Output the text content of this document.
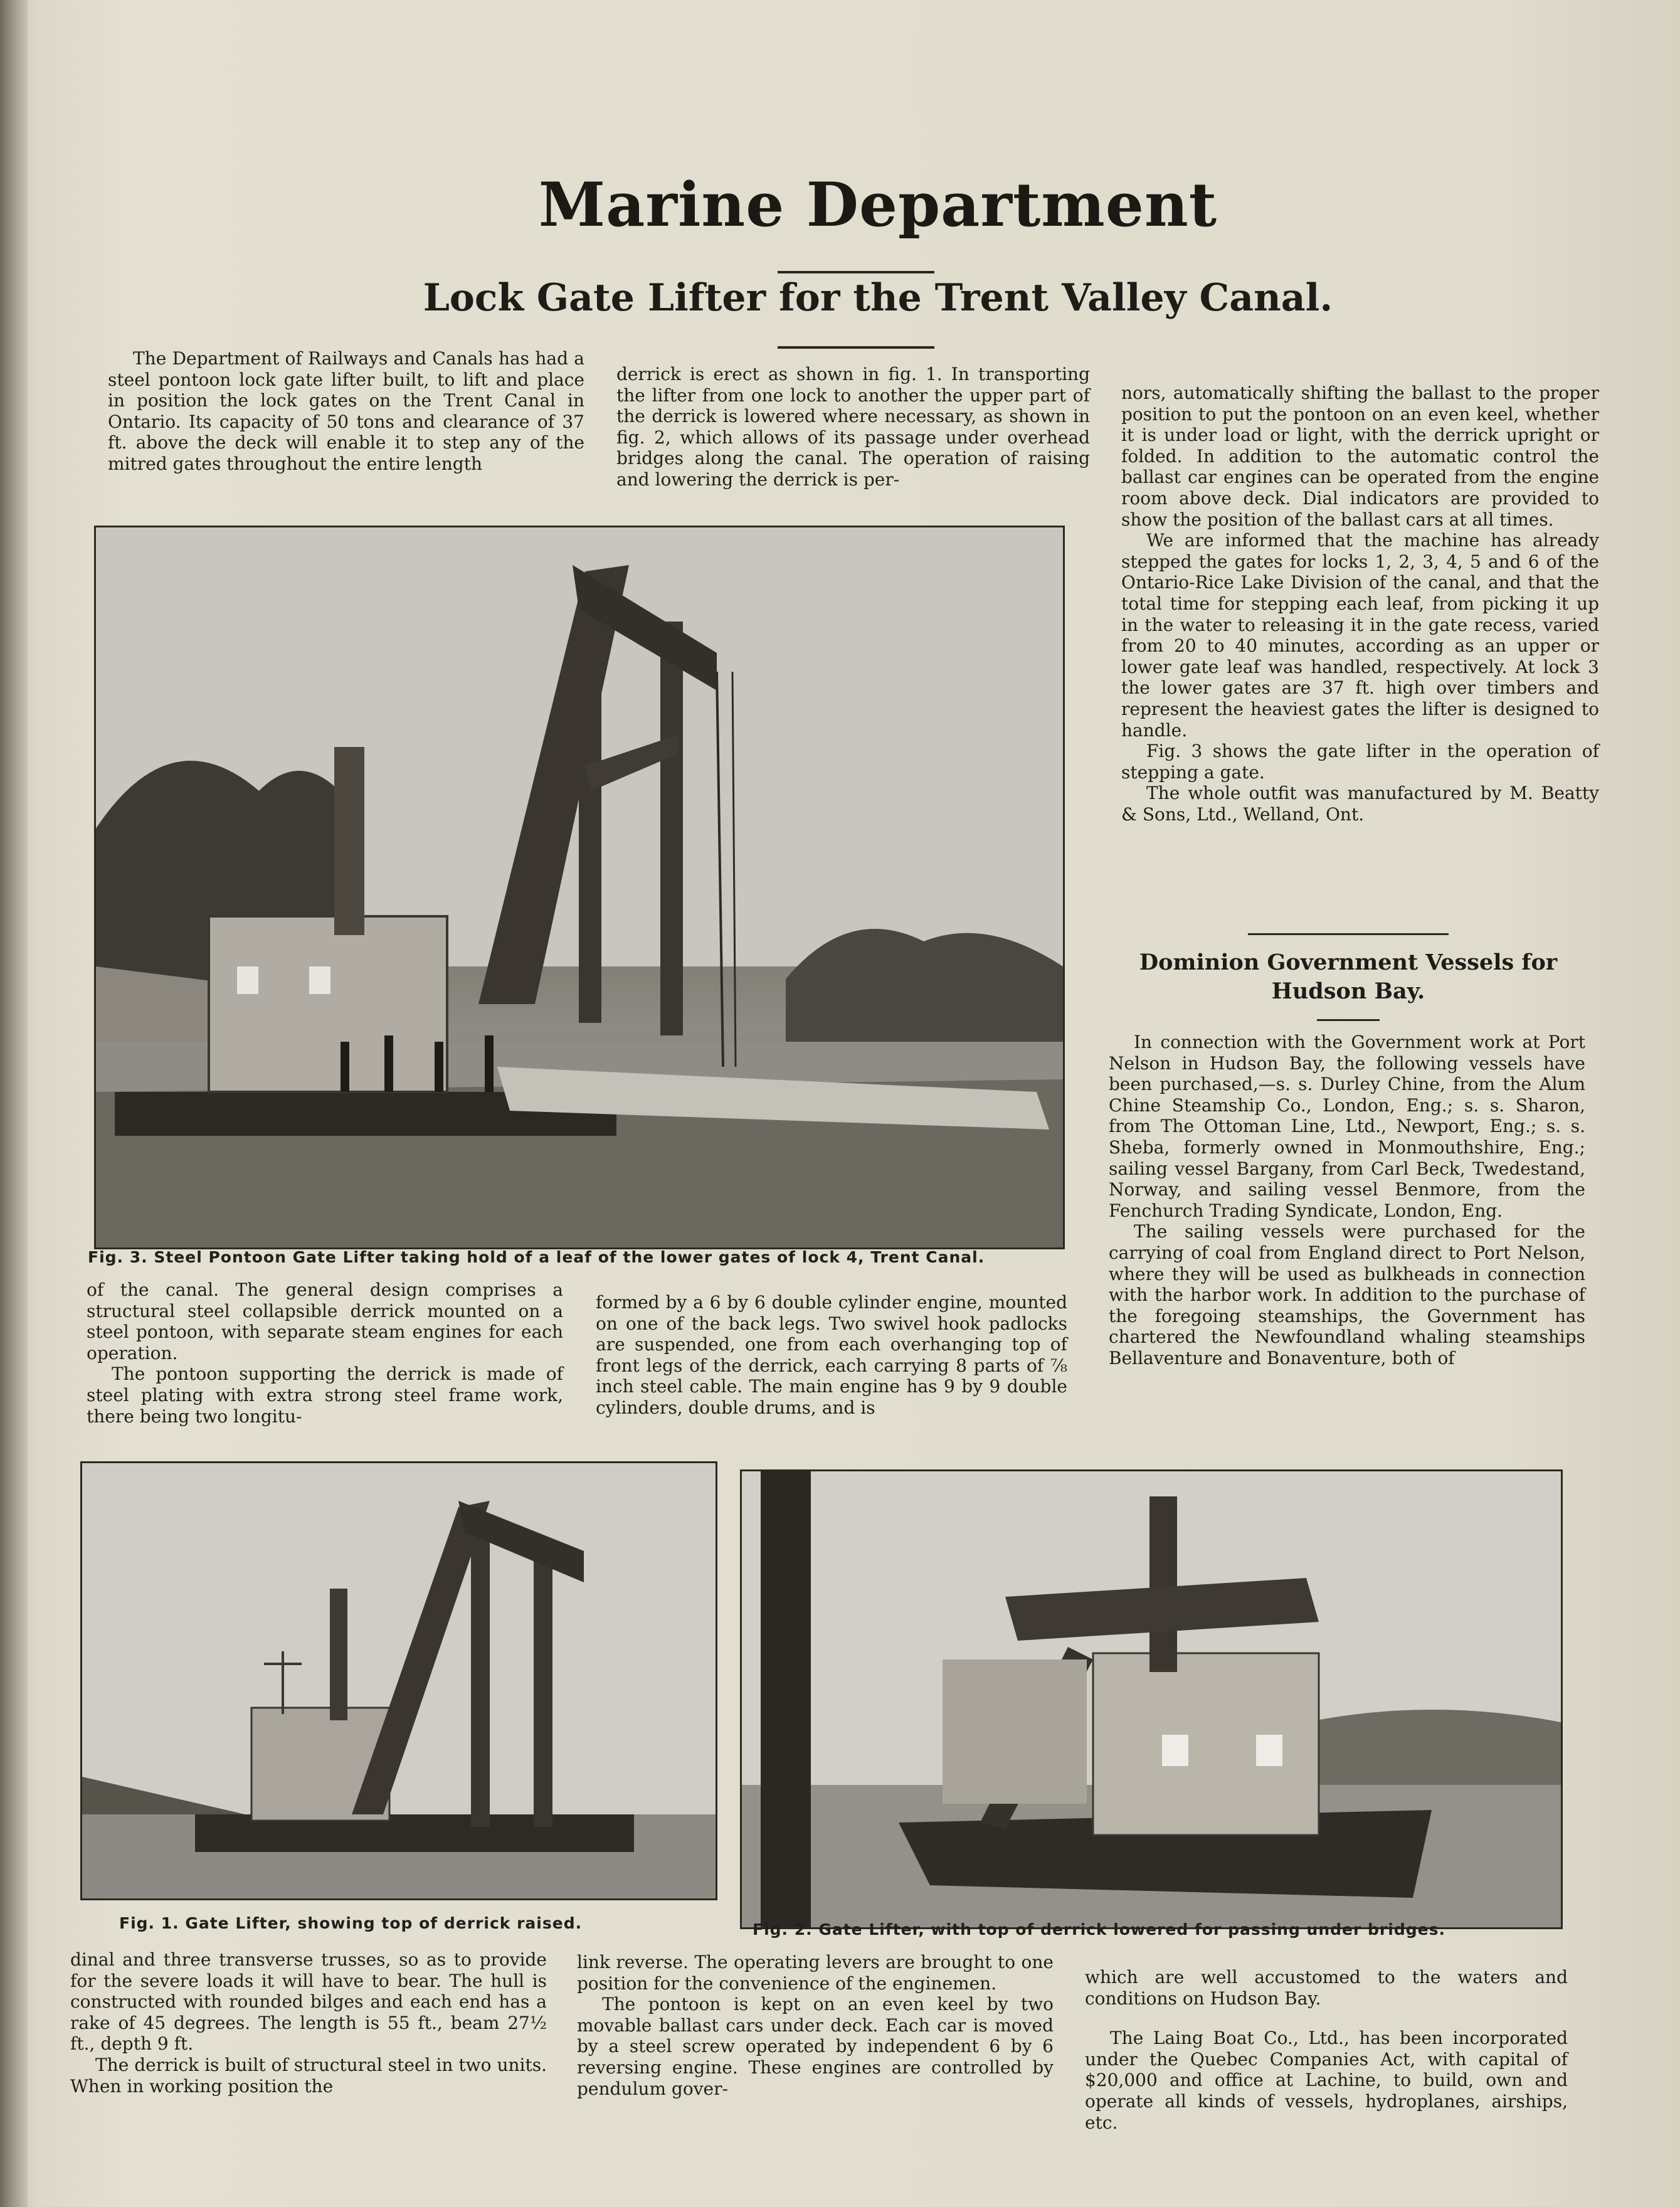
Marine Department
Lock Gate Lifter for the Trent Valley Canal.

The Department of Railways and Canals has had a steel pontoon lock gate lifter built, to lift and place in position the lock gates on the Trent Canal in Ontario. Its capacity of 50 tons and clearance of 37 ft. above the deck will enable it to step any of the mitred gates throughout the entire length

derrick is erect as shown in fig. 1. In transporting the lifter from one lock to another the upper part of the derrick is lowered where necessary, as shown in fig. 2, which allows of its passage under overhead bridges along the canal. The operation of raising and lowering the derrick is per-

nors, automatically shifting the ballast to the proper position to put the pontoon on an even keel, whether it is under load or light, with the derrick upright or folded. In addition to the automatic control the ballast car engines can be operated from the engine room above deck. Dial indicators are provided to show the position of the ballast cars at all times.

We are informed that the machine has already stepped the gates for locks 1, 2, 3, 4, 5 and 6 of the Ontario-Rice Lake Division of the canal, and that the total time for stepping each leaf, from picking it up in the water to releasing it in the gate recess, varied from 20 to 40 minutes, according as an upper or lower gate leaf was handled, respectively. At lock 3 the lower gates are 37 ft. high over timbers and represent the heaviest gates the lifter is designed to handle.

Fig. 3 shows the gate lifter in the operation of stepping a gate.

The whole outfit was manufactured by M. Beatty & Sons, Ltd., Welland, Ont.

Dominion Government Vessels for Hudson Bay.

In connection with the Government work at Port Nelson in Hudson Bay, the following vessels have been purchased,—s. s. Durley Chine, from the Alum Chine Steamship Co., London, Eng.; s. s. Sharon, from The Ottoman Line, Ltd., Newport, Eng.; s. s. Sheba, formerly owned in Monmouthshire, Eng.; sailing vessel Bargany, from Carl Beck, Twedestand, Norway, and sailing vessel Benmore, from the Fenchurch Trading Syndicate, London, Eng.

The sailing vessels were purchased for the carrying of coal from England direct to Port Nelson, where they will be used as bulkheads in connection with the harbor work. In addition to the purchase of the foregoing steamships, the Government has chartered the Newfoundland whaling steamships Bellaventure and Bonaventure, both of

Fig. 3. Steel Pontoon Gate Lifter taking hold of a leaf of the lower gates of lock 4, Trent Canal.

of the canal. The general design comprises a structural steel collapsible derrick mounted on a steel pontoon, with separate steam engines for each operation.

The pontoon supporting the derrick is made of steel plating with extra strong steel frame work, there being two longitu-

formed by a 6 by 6 double cylinder engine, mounted on one of the back legs. Two swivel hook padlocks are suspended, one from each overhanging top of front legs of the derrick, each carrying 8 parts of ⅞ inch steel cable. The main engine has 9 by 9 double cylinders, double drums, and is

Fig. 1. Gate Lifter, showing top of derrick raised.	Fig. 2. Gate Lifter, with top of derrick lowered for passing under bridges.

dinal and three transverse trusses, so as to provide for the severe loads it will have to bear. The hull is constructed with rounded bilges and each end has a rake of 45 degrees. The length is 55 ft., beam 27½ ft., depth 9 ft.

The derrick is built of structural steel in two units. When in working position the

link reverse. The operating levers are brought to one position for the convenience of the enginemen.

The pontoon is kept on an even keel by two movable ballast cars under deck. Each car is moved by a steel screw operated by independent 6 by 6 reversing engine. These engines are controlled by pendulum gover-

which are well accustomed to the waters and conditions on Hudson Bay.

The Laing Boat Co., Ltd., has been incorporated under the Quebec Companies Act, with capital of $20,000 and office at Lachine, to build, own and operate all kinds of vessels, hydroplanes, airships, etc.
